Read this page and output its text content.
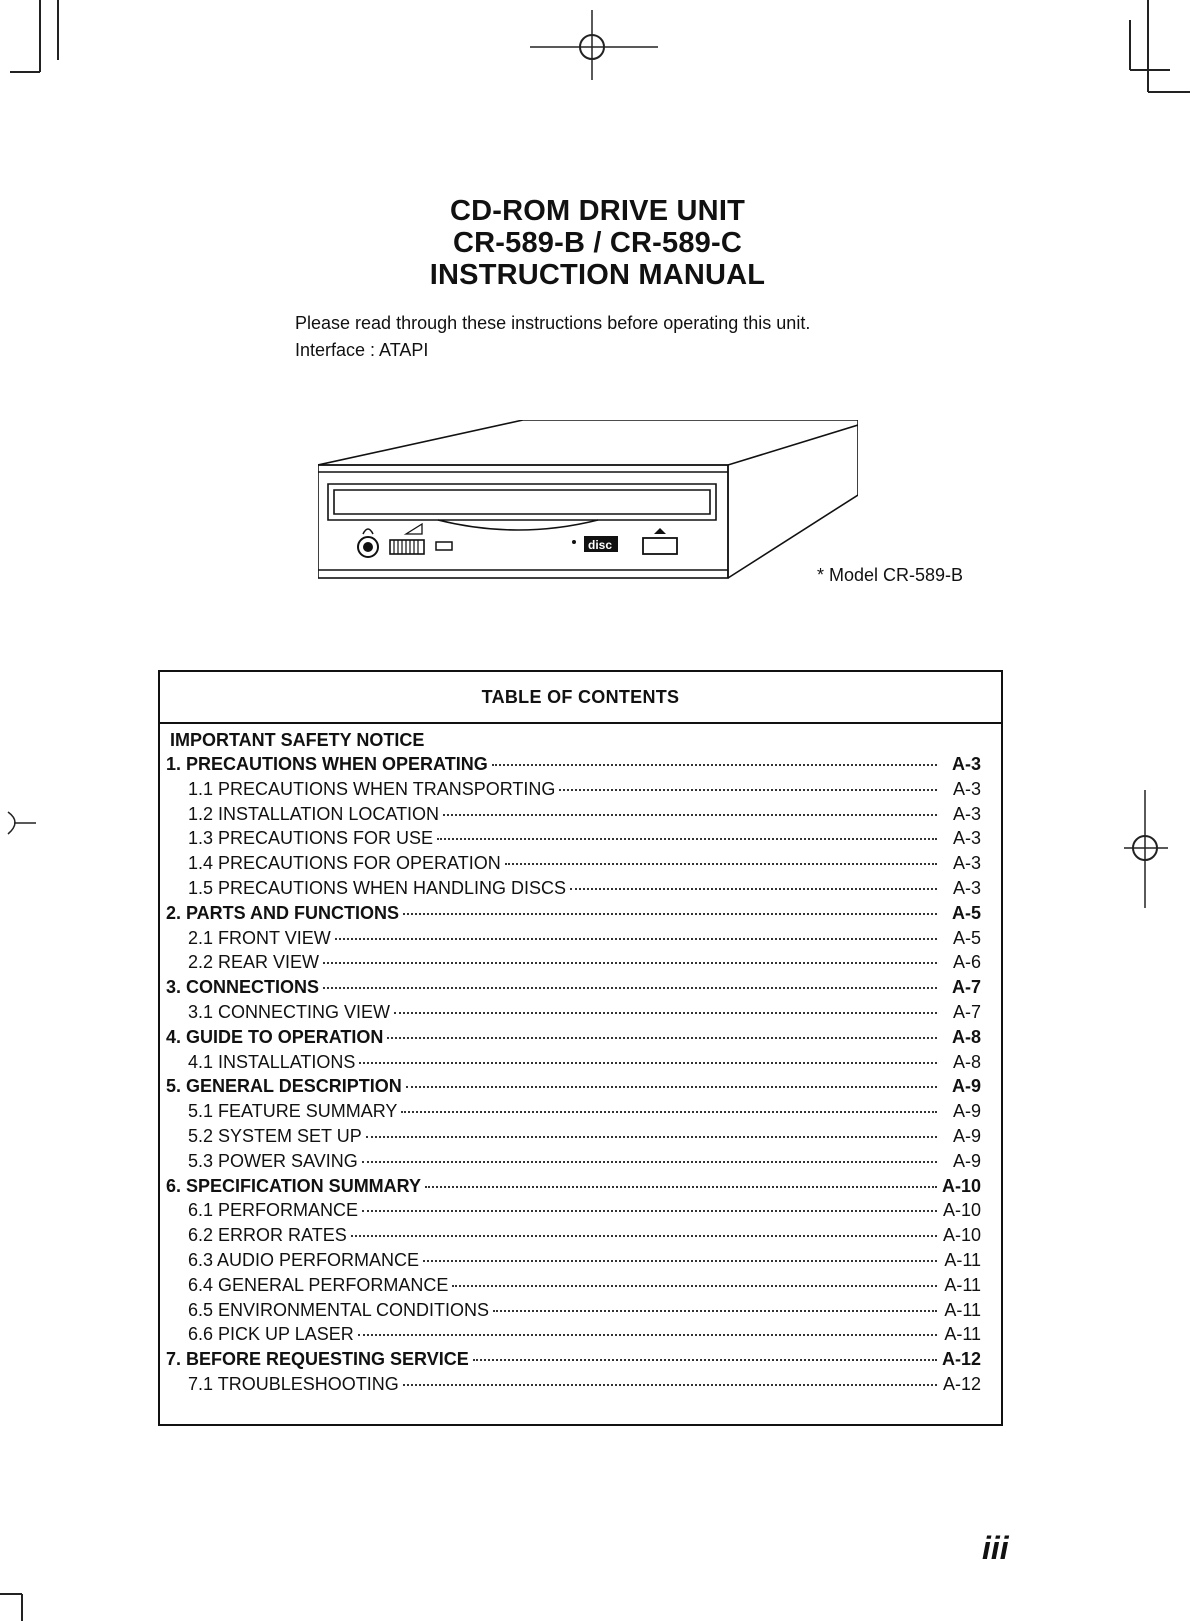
CD-ROM DRIVE UNIT
CR-589-B / CR-589-C
INSTRUCTION MANUAL
Please read through these instructions before operating this unit.
Interface : ATAPI
disc
* Model CR-589-B
TABLE OF CONTENTS
IMPORTANT SAFETY NOTICE
1. PRECAUTIONS WHEN OPERATING	A-3
1.1 PRECAUTIONS WHEN TRANSPORTING	A-3
1.2 INSTALLATION LOCATION	A-3
1.3 PRECAUTIONS FOR USE	A-3
1.4 PRECAUTIONS FOR OPERATION	A-3
1.5 PRECAUTIONS WHEN HANDLING DISCS	A-3
2. PARTS AND FUNCTIONS	A-5
2.1 FRONT VIEW	A-5
2.2 REAR VIEW	A-6
3. CONNECTIONS	A-7
3.1 CONNECTING VIEW	A-7
4. GUIDE TO OPERATION	A-8
4.1 INSTALLATIONS	A-8
5. GENERAL DESCRIPTION	A-9
5.1 FEATURE SUMMARY	A-9
5.2 SYSTEM SET UP	A-9
5.3 POWER SAVING	A-9
6. SPECIFICATION SUMMARY	A-10
6.1 PERFORMANCE	A-10
6.2 ERROR RATES	A-10
6.3 AUDIO PERFORMANCE	A-11
6.4 GENERAL PERFORMANCE	A-11
6.5 ENVIRONMENTAL CONDITIONS	A-11
6.6 PICK UP LASER	A-11
7. BEFORE REQUESTING SERVICE	A-12
7.1 TROUBLESHOOTING	A-12
iii
